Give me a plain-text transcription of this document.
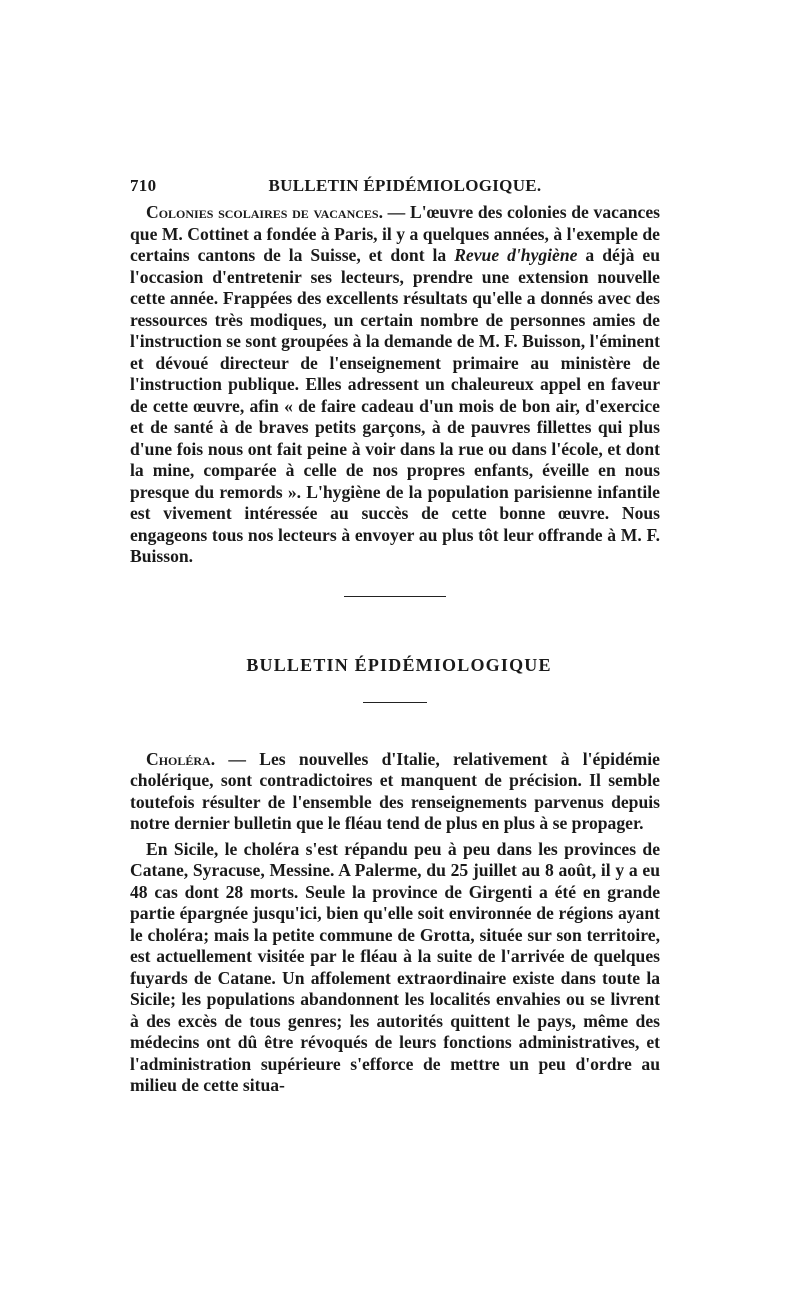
710	BULLETIN ÉPIDÉMIOLOGIQUE.

Colonies scolaires de vacances. — L'œuvre des colonies de vacances que M. Cottinet a fondée à Paris, il y a quelques années, à l'exemple de certains cantons de la Suisse, et dont la Revue d'hygiène a déjà eu l'occasion d'entretenir ses lecteurs, prendre une extension nouvelle cette année. Frappées des excellents résultats qu'elle a donnés avec des ressources très modiques, un certain nombre de personnes amies de l'instruction se sont groupées à la demande de M. F. Buisson, l'éminent et dévoué directeur de l'enseignement primaire au ministère de l'instruction publique. Elles adressent un chaleureux appel en faveur de cette œuvre, afin « de faire cadeau d'un mois de bon air, d'exercice et de santé à de braves petits garçons, à de pauvres fillettes qui plus d'une fois nous ont fait peine à voir dans la rue ou dans l'école, et dont la mine, comparée à celle de nos propres enfants, éveille en nous presque du remords ». L'hygiène de la population parisienne infantile est vivement intéressée au succès de cette bonne œuvre. Nous engageons tous nos lecteurs à envoyer au plus tôt leur offrande à M. F. Buisson.

BULLETIN ÉPIDÉMIOLOGIQUE

Choléra. — Les nouvelles d'Italie, relativement à l'épidémie cholérique, sont contradictoires et manquent de précision. Il semble toutefois résulter de l'ensemble des renseignements parvenus depuis notre dernier bulletin que le fléau tend de plus en plus à se propager.

En Sicile, le choléra s'est répandu peu à peu dans les provinces de Catane, Syracuse, Messine. A Palerme, du 25 juillet au 8 août, il y a eu 48 cas dont 28 morts. Seule la province de Girgenti a été en grande partie épargnée jusqu'ici, bien qu'elle soit environnée de régions ayant le choléra; mais la petite commune de Grotta, située sur son territoire, est actuellement visitée par le fléau à la suite de l'arrivée de quelques fuyards de Catane. Un affolement extraordinaire existe dans toute la Sicile; les populations abandonnent les localités envahies ou se livrent à des excès de tous genres; les autorités quittent le pays, même des médecins ont dû être révoqués de leurs fonctions administratives, et l'administration supérieure s'efforce de mettre un peu d'ordre au milieu de cette situa-
